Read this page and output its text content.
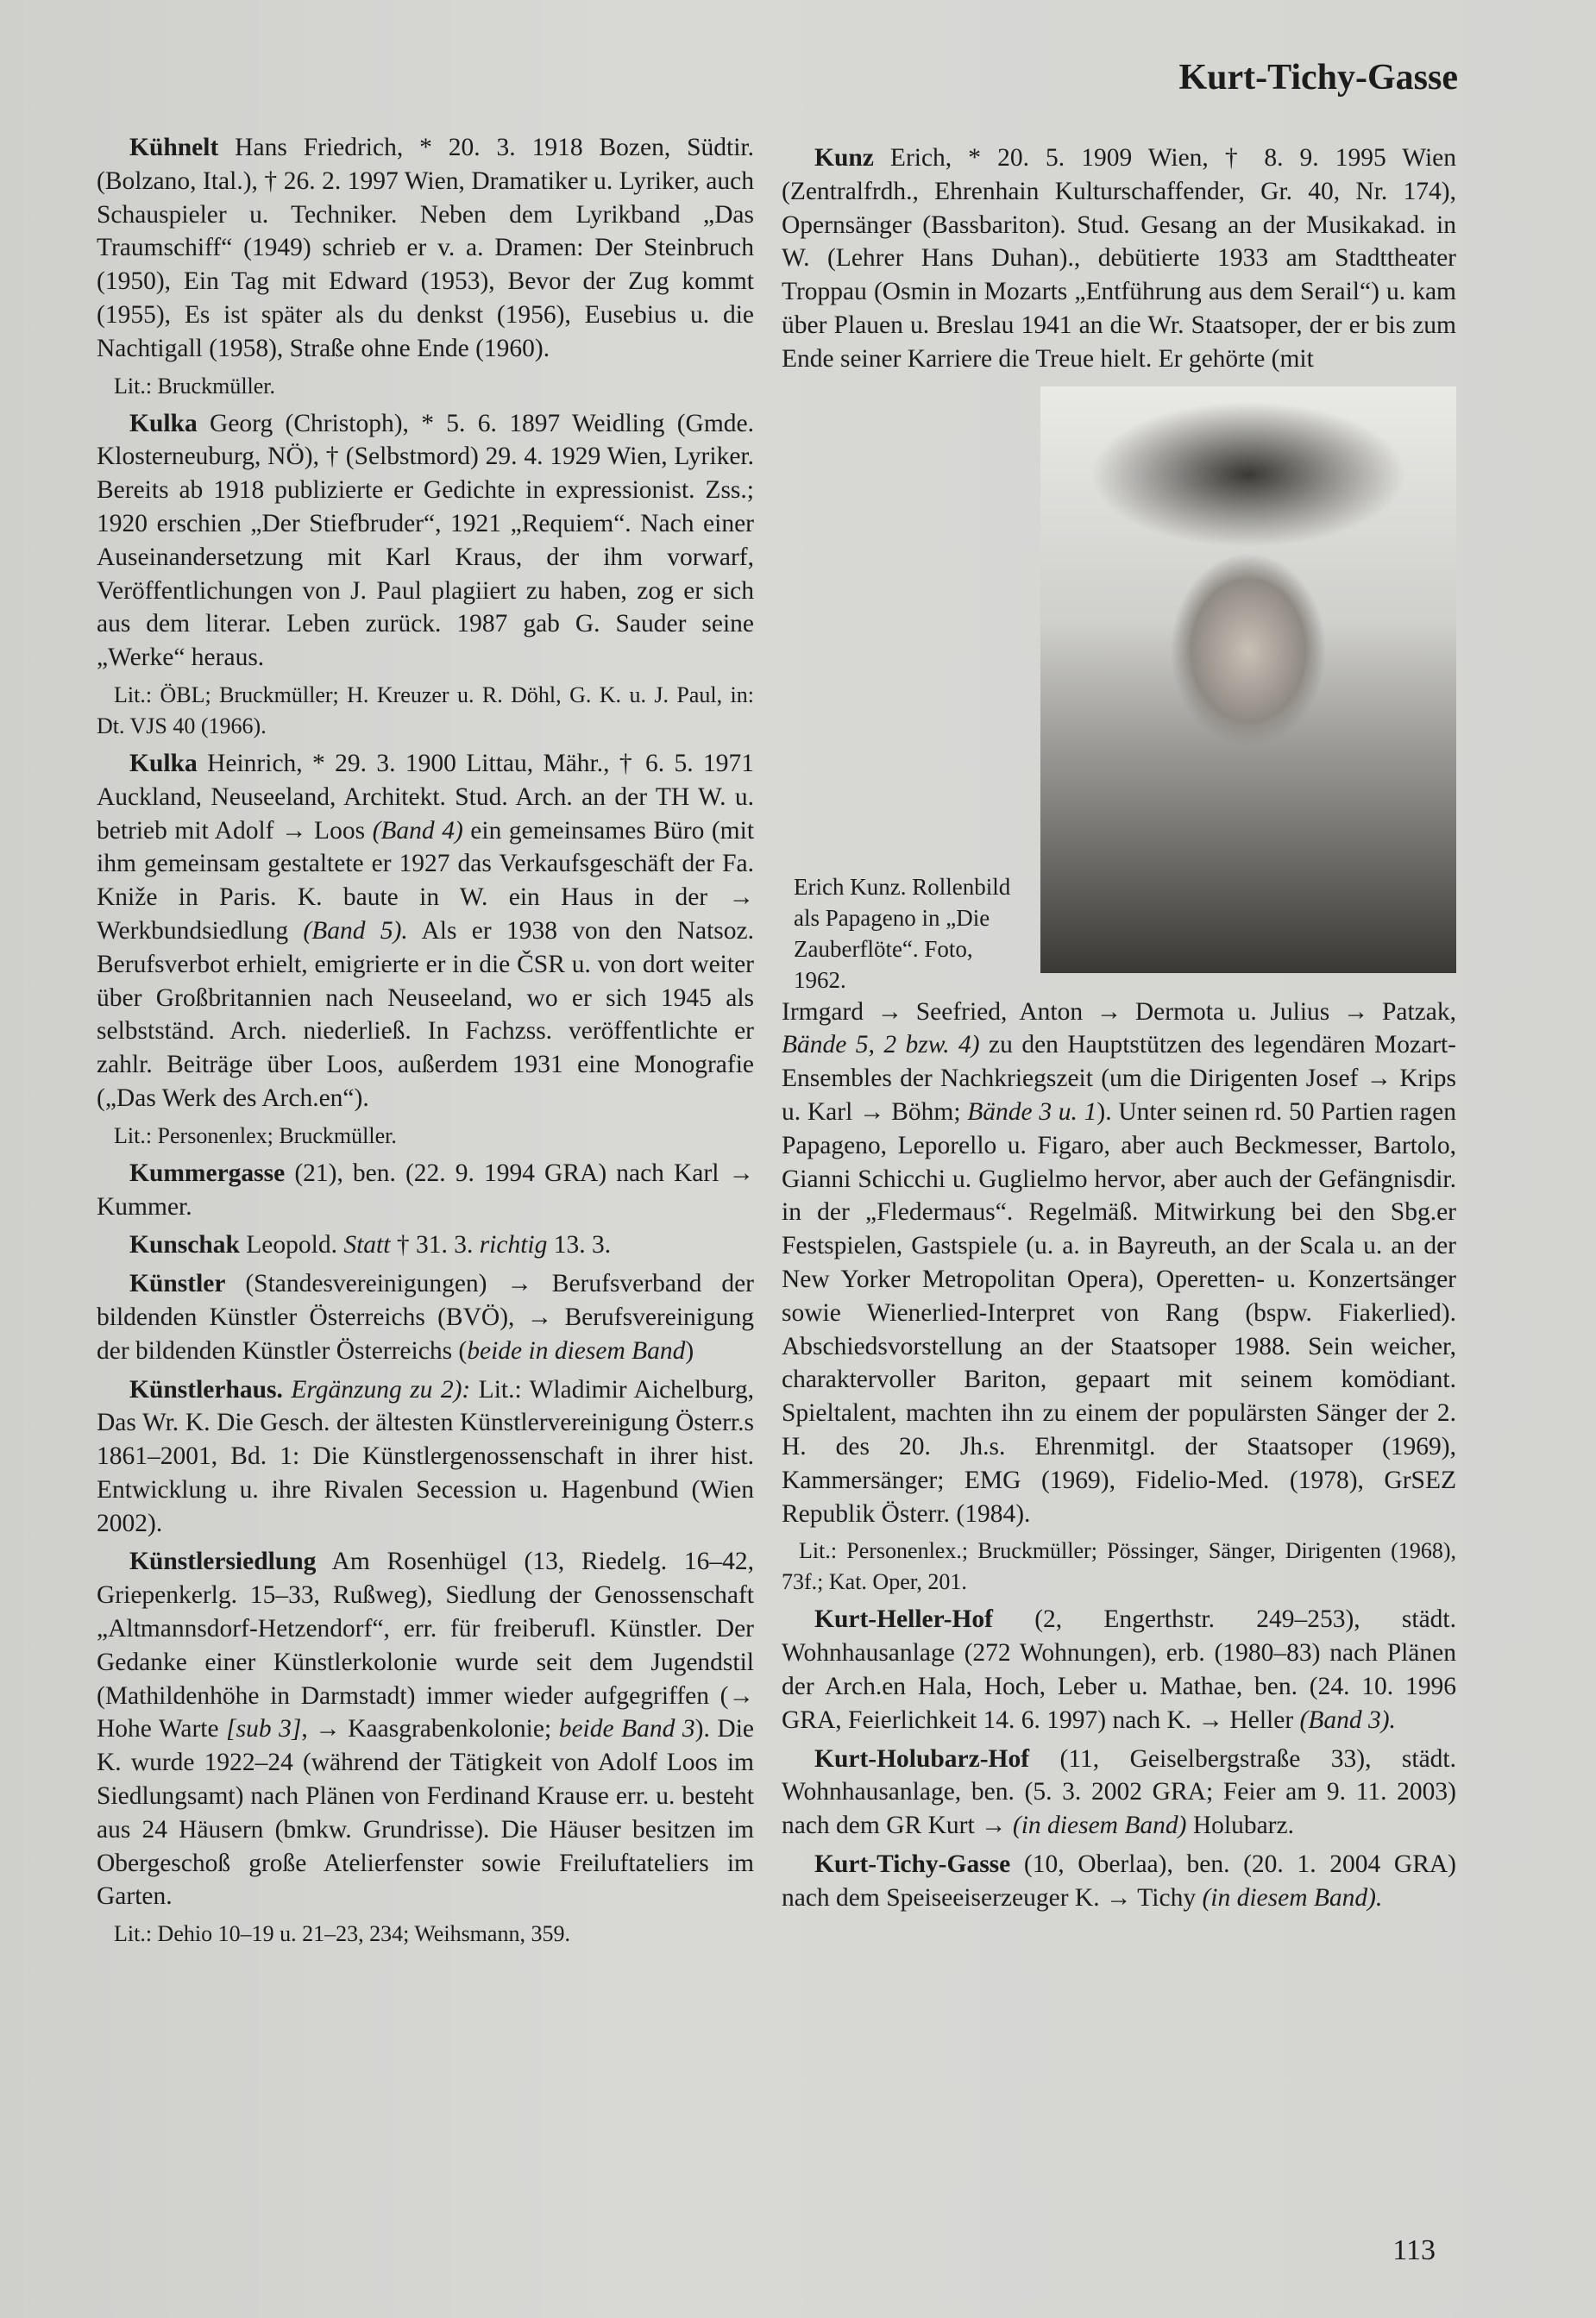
Kurt-Tichy-Gasse

Kühnelt Hans Friedrich, * 20. 3. 1918 Bozen, Südtir. (Bolzano, Ital.), † 26. 2. 1997 Wien, Dramatiker u. Lyriker, auch Schauspieler u. Techniker. Neben dem Lyrikband „Das Traumschiff“ (1949) schrieb er v. a. Dramen: Der Steinbruch (1950), Ein Tag mit Edward (1953), Bevor der Zug kommt (1955), Es ist später als du denkst (1956), Eusebius u. die Nachtigall (1958), Straße ohne Ende (1960).

Lit.: Bruckmüller.

Kulka Georg (Christoph), * 5. 6. 1897 Weidling (Gmde. Klosterneuburg, NÖ), † (Selbstmord) 29. 4. 1929 Wien, Lyriker. Bereits ab 1918 publizierte er Gedichte in expressionist. Zss.; 1920 erschien „Der Stiefbruder“, 1921 „Requiem“. Nach einer Auseinandersetzung mit Karl Kraus, der ihm vorwarf, Veröffentlichungen von J. Paul plagiiert zu haben, zog er sich aus dem literar. Leben zurück. 1987 gab G. Sauder seine „Werke“ heraus.

Lit.: ÖBL; Bruckmüller; H. Kreuzer u. R. Döhl, G. K. u. J. Paul, in: Dt. VJS 40 (1966).

Kulka Heinrich, * 29. 3. 1900 Littau, Mähr., † 6. 5. 1971 Auckland, Neuseeland, Architekt. Stud. Arch. an der TH W. u. betrieb mit Adolf → Loos (Band 4) ein gemeinsames Büro (mit ihm gemeinsam gestaltete er 1927 das Verkaufsgeschäft der Fa. Kniže in Paris. K. baute in W. ein Haus in der → Werkbundsiedlung (Band 5). Als er 1938 von den Natsoz. Berufsverbot erhielt, emigrierte er in die ČSR u. von dort weiter über Großbritannien nach Neuseeland, wo er sich 1945 als selbstständ. Arch. niederließ. In Fachzss. veröffentlichte er zahlr. Beiträge über Loos, außerdem 1931 eine Monografie („Das Werk des Arch.en“).

Lit.: Personenlex; Bruckmüller.

Kummergasse (21), ben. (22. 9. 1994 GRA) nach Karl → Kummer.

Kunschak Leopold. Statt † 31. 3. richtig 13. 3.

Künstler (Standesvereinigungen) → Berufsverband der bildenden Künstler Österreichs (BVÖ), → Berufsvereinigung der bildenden Künstler Österreichs (beide in diesem Band)

Künstlerhaus. Ergänzung zu 2): Lit.: Wladimir Aichelburg, Das Wr. K. Die Gesch. der ältesten Künstlervereinigung Österr.s 1861–2001, Bd. 1: Die Künstlergenossenschaft in ihrer hist. Entwicklung u. ihre Rivalen Secession u. Hagenbund (Wien 2002).

Künstlersiedlung Am Rosenhügel (13, Riedelg. 16–42, Griepenkerlg. 15–33, Rußweg), Siedlung der Genossenschaft „Altmannsdorf-Hetzendorf“, err. für freiberufl. Künstler. Der Gedanke einer Künstlerkolonie wurde seit dem Jugendstil (Mathildenhöhe in Darmstadt) immer wieder aufgegriffen (→ Hohe Warte [sub 3], → Kaasgrabenkolonie; beide Band 3). Die K. wurde 1922–24 (während der Tätigkeit von Adolf Loos im Siedlungsamt) nach Plänen von Ferdinand Krause err. u. besteht aus 24 Häusern (bmkw. Grundrisse). Die Häuser besitzen im Obergeschoß große Atelierfenster sowie Freiluftateliers im Garten.

Lit.: Dehio 10–19 u. 21–23, 234; Weihsmann, 359.

Kunz Erich, * 20. 5. 1909 Wien, † 8. 9. 1995 Wien (Zentralfrdh., Ehrenhain Kulturschaffender, Gr. 40, Nr. 174), Opernsänger (Bassbariton). Stud. Gesang an der Musikakad. in W. (Lehrer Hans Duhan)., debütierte 1933 am Stadttheater Troppau (Osmin in Mozarts „Entführung aus dem Serail“) u. kam über Plauen u. Breslau 1941 an die Wr. Staatsoper, der er bis zum Ende seiner Karriere die Treue hielt. Er gehörte (mit

Irmgard → Seefried, Anton → Dermota u. Julius → Patzak, Bände 5, 2 bzw. 4) zu den Hauptstützen des legendären Mozart-Ensembles der Nachkriegszeit (um die Dirigenten Josef → Krips u. Karl → Böhm; Bände 3 u. 1). Unter seinen rd. 50 Partien ragen Papageno, Leporello u. Figaro, aber auch Beckmesser, Bartolo, Gianni Schicchi u. Guglielmo hervor, aber auch der Gefängnisdir. in der „Fledermaus“. Regelmäß. Mitwirkung bei den Sbg.er Festspielen, Gastspiele (u. a. in Bayreuth, an der Scala u. an der New Yorker Metropolitan Opera), Operetten- u. Konzertsänger sowie Wienerlied-Interpret von Rang (bspw. Fiakerlied). Abschiedsvorstellung an der Staatsoper 1988. Sein weicher, charaktervoller Bariton, gepaart mit seinem komödiant. Spieltalent, machten ihn zu einem der populärsten Sänger der 2. H. des 20. Jh.s. Ehrenmitgl. der Staatsoper (1969), Kammersänger; EMG (1969), Fidelio-Med. (1978), GrSEZ Republik Österr. (1984).

Lit.: Personenlex.; Bruckmüller; Pössinger, Sänger, Dirigenten (1968), 73f.; Kat. Oper, 201.

Kurt-Heller-Hof (2, Engerthstr. 249–253), städt. Wohnhausanlage (272 Wohnungen), erb. (1980–83) nach Plänen der Arch.en Hala, Hoch, Leber u. Mathae, ben. (24. 10. 1996 GRA, Feierlichkeit 14. 6. 1997) nach K. → Heller (Band 3).

Kurt-Holubarz-Hof (11, Geiselbergstraße 33), städt. Wohnhausanlage, ben. (5. 3. 2002 GRA; Feier am 9. 11. 2003) nach dem GR Kurt → (in diesem Band) Holubarz.

Kurt-Tichy-Gasse (10, Oberlaa), ben. (20. 1. 2004 GRA) nach dem Speiseeiserzeuger K. → Tichy (in diesem Band).

Erich Kunz. Rollenbild als Papageno in „Die Zauberflöte“. Foto, 1962.
113
